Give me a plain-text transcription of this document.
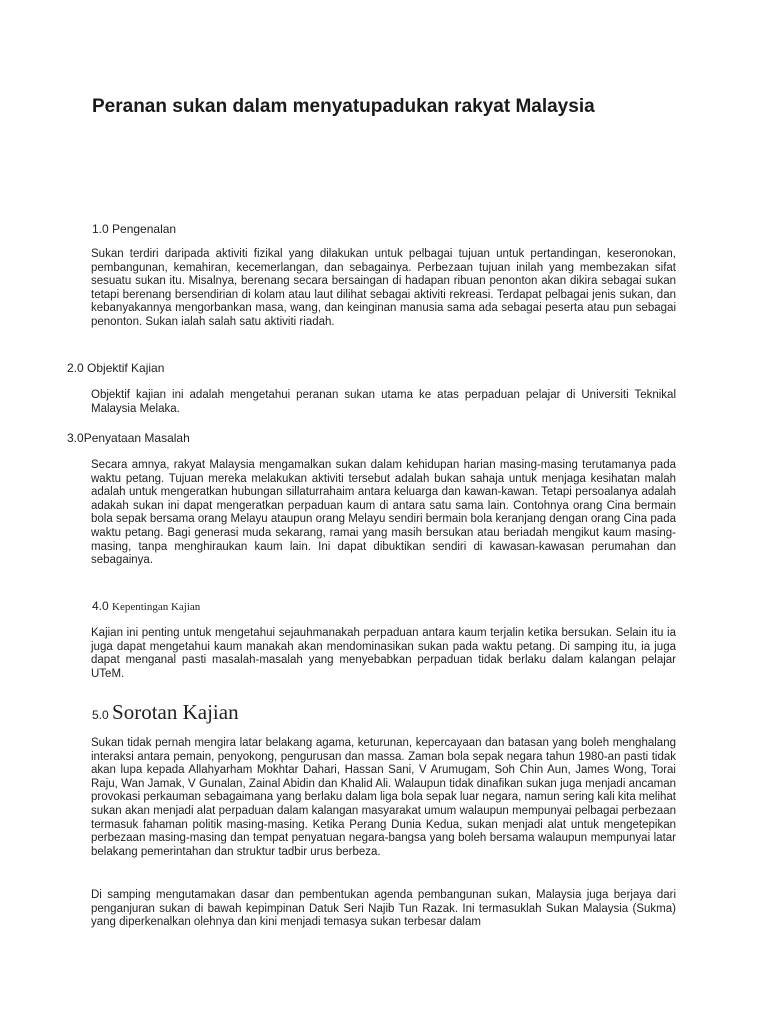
Peranan sukan dalam menyatupadukan rakyat Malaysia
1.0 Pengenalan

Sukan terdiri daripada aktiviti fizikal yang dilakukan untuk pelbagai tujuan untuk pertandingan, keseronokan, pembangunan, kemahiran, kecemerlangan, dan sebagainya. Perbezaan tujuan inilah yang membezakan sifat sesuatu sukan itu. Misalnya, berenang secara bersaingan di hadapan ribuan penonton akan dikira sebagai sukan tetapi berenang bersendirian di kolam atau laut dilihat sebagai aktiviti rekreasi. Terdapat pelbagai jenis sukan, dan kebanyakannya mengorbankan masa, wang, dan keinginan manusia sama ada sebagai peserta atau pun sebagai penonton. Sukan ialah salah satu aktiviti riadah.

2.0 Objektif Kajian

Objektif kajian ini adalah mengetahui peranan sukan utama ke atas perpaduan pelajar di Universiti Teknikal Malaysia Melaka.

3.0Penyataan Masalah

Secara amnya, rakyat Malaysia mengamalkan sukan dalam kehidupan harian masing-masing terutamanya pada waktu petang. Tujuan mereka melakukan aktiviti tersebut adalah bukan sahaja untuk menjaga kesihatan malah adalah untuk mengeratkan hubungan sillaturrahaim antara keluarga dan kawan-kawan. Tetapi persoalanya adalah adakah sukan ini dapat mengeratkan perpaduan kaum di antara satu sama lain. Contohnya orang Cina bermain bola sepak bersama orang Melayu ataupun orang Melayu sendiri bermain bola keranjang dengan orang Cina pada waktu petang. Bagi generasi muda sekarang, ramai yang masih bersukan atau beriadah mengikut kaum masing-masing, tanpa menghiraukan kaum lain. Ini dapat dibuktikan sendiri di kawasan-kawasan perumahan dan sebagainya.

4.0 Kepentingan Kajian

Kajian ini penting untuk mengetahui sejauhmanakah perpaduan antara kaum terjalin ketika bersukan. Selain itu ia juga dapat mengetahui kaum manakah akan mendominasikan sukan pada waktu petang. Di samping itu, ia juga dapat menganal pasti masalah-masalah yang menyebabkan perpaduan tidak berlaku dalam kalangan pelajar UTeM.

5.0 Sorotan Kajian

Sukan tidak pernah mengira latar belakang agama, keturunan, kepercayaan dan batasan yang boleh menghalang interaksi antara pemain, penyokong, pengurusan dan massa. Zaman bola sepak negara tahun 1980-an pasti tidak akan lupa kepada Allahyarham Mokhtar Dahari, Hassan Sani, V Arumugam, Soh Chin Aun, James Wong, Torai Raju, Wan Jamak, V Gunalan, Zainal Abidin dan Khalid Ali. Walaupun tidak dinafikan sukan juga menjadi ancaman provokasi perkauman sebagaimana yang berlaku dalam liga bola sepak luar negara, namun sering kali kita melihat sukan akan menjadi alat perpaduan dalam kalangan masyarakat umum walaupun mempunyai pelbagai perbezaan termasuk fahaman politik masing-masing. Ketika Perang Dunia Kedua, sukan menjadi alat untuk mengetepikan perbezaan masing-masing dan tempat penyatuan negara-bangsa yang boleh bersama walaupun mempunyai latar belakang pemerintahan dan struktur tadbir urus berbeza.

Di samping mengutamakan dasar dan pembentukan agenda pembangunan sukan, Malaysia juga berjaya dari penganjuran sukan di bawah kepimpinan Datuk Seri Najib Tun Razak. Ini termasuklah Sukan Malaysia (Sukma) yang diperkenalkan olehnya dan kini menjadi temasya sukan terbesar dalam
